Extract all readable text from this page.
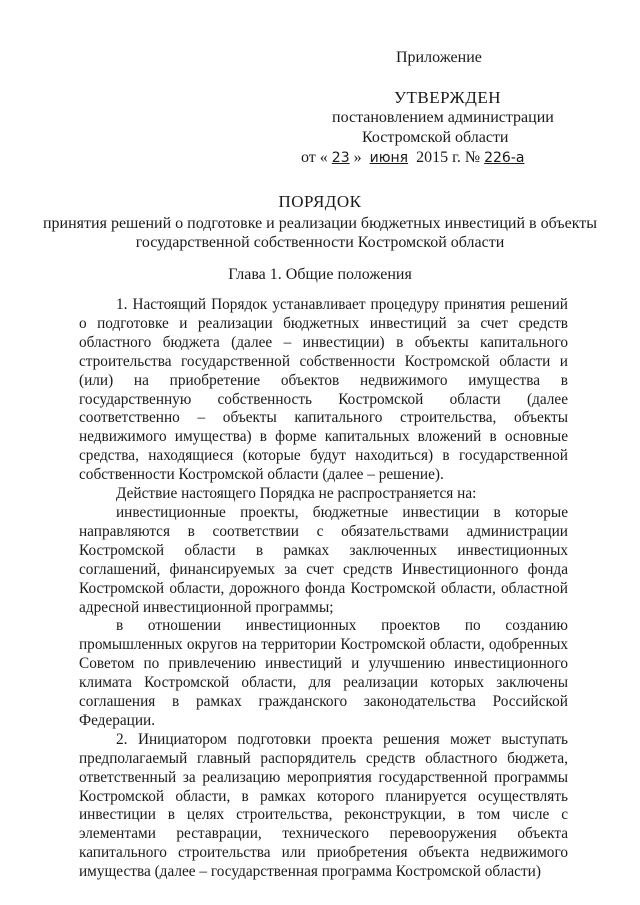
Приложение
УТВЕРЖДЕН
постановлением администрации
Костромской области
от « 23 » июня 2015 г. № 226-а
ПОРЯДОК
принятия решений о подготовке и реализации бюджетных инвестиций в объекты государственной собственности Костромской области
Глава 1. Общие положения

1. Настоящий Порядок устанавливает процедуру принятия решений о подготовке и реализации бюджетных инвестиций за счет средств областного бюджета (далее – инвестиции) в объекты капитального строительства государственной собственности Костромской области и (или) на приобретение объектов недвижимого имущества в государственную собственность Костромской области (далее соответственно – объекты капитального строительства, объекты недвижимого имущества) в форме капитальных вложений в основные средства, находящиеся (которые будут находиться) в государственной собственности Костромской области (далее – решение).

Действие настоящего Порядка не распространяется на:

инвестиционные проекты, бюджетные инвестиции в которые направляются в соответствии с обязательствами администрации Костромской области в рамках заключенных инвестиционных соглашений, финансируемых за счет средств Инвестиционного фонда Костромской области, дорожного фонда Костромской области, областной адресной инвестиционной программы;

в отношении инвестиционных проектов по созданию промышленных округов на территории Костромской области, одобренных Советом по привлечению инвестиций и улучшению инвестиционного климата Костромской области, для реализации которых заключены соглашения в рамках гражданского законодательства Российской Федерации.

2. Инициатором подготовки проекта решения может выступать предполагаемый главный распорядитель средств областного бюджета, ответственный за реализацию мероприятия государственной программы Костромской области, в рамках которого планируется осуществлять инвестиции в целях строительства, реконструкции, в том числе с элементами реставрации, технического перевооружения объекта капитального строительства или приобретения объекта недвижимого имущества (далее – государственная программа Костромской области)
